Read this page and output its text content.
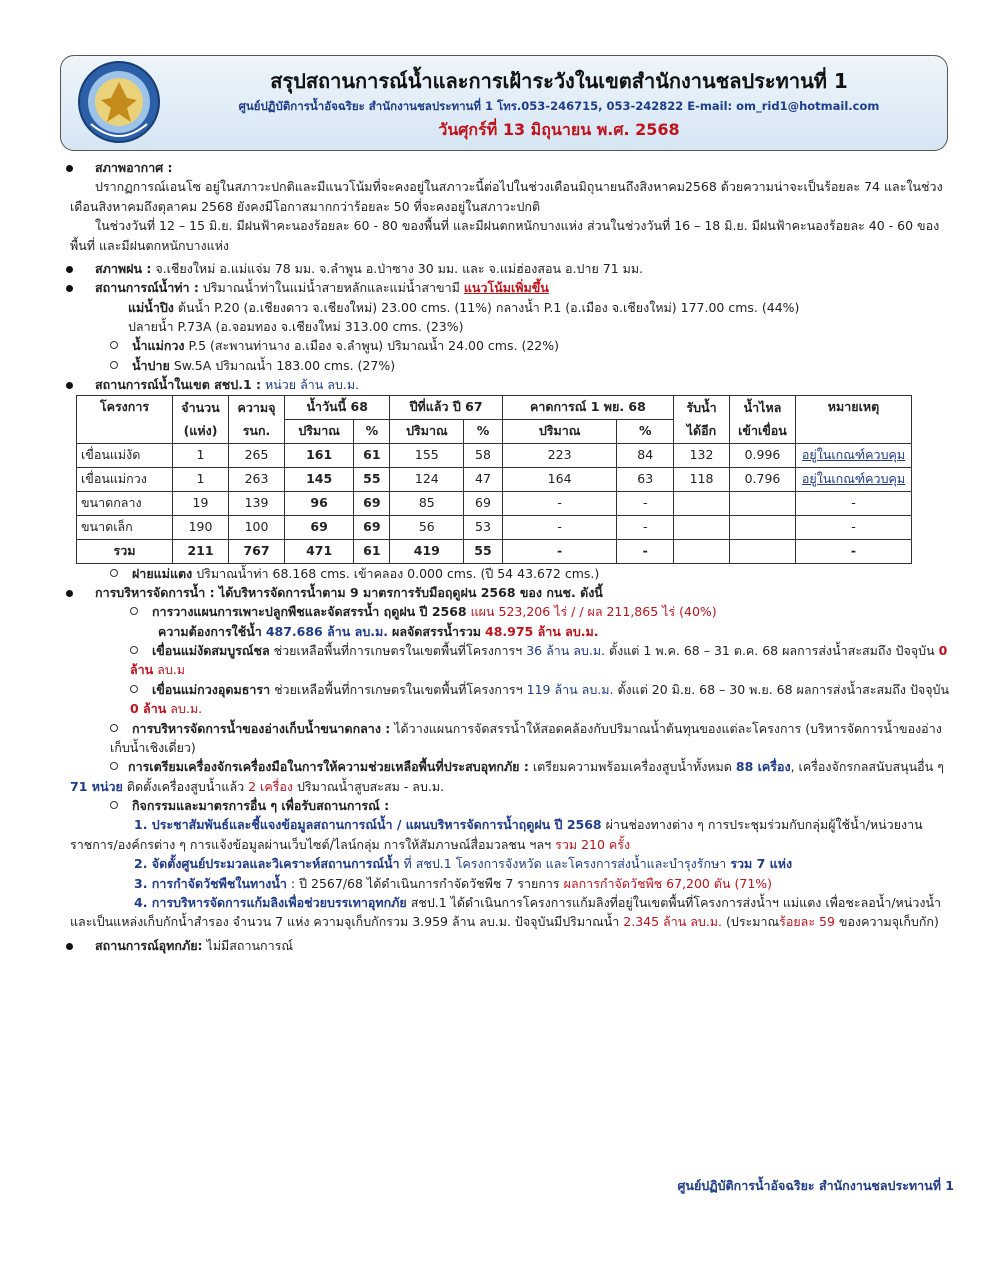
สรุปสถานการณ์น้ำและการเฝ้าระวังในเขตสำนักงานชลประทานที่ 1
ศูนย์ปฏิบัติการน้ำอัจฉริยะ สำนักงานชลประทานที่ 1 โทร.053-246715, 053-242822 E-mail: om_rid1@hotmail.com
วันศุกร์ที่ 13 มิถุนายน พ.ศ. 2568
สภาพอากาศ :
ปรากฏการณ์เอนโซ อยู่ในสภาวะปกติและมีแนวโน้มที่จะคงอยู่ในสภาวะนี้ต่อไปในช่วงเดือนมิถุนายนถึงสิงหาคม2568 ด้วยความน่าจะเป็นร้อยละ 74 และในช่วงเดือนสิงหาคมถึงตุลาคม 2568 ยังคงมีโอกาสมากกว่าร้อยละ 50 ที่จะคงอยู่ในสภาวะปกติ
ในช่วงวันที่ 12 – 15 มิ.ย. มีฝนฟ้าคะนองร้อยละ 60 - 80 ของพื้นที่ และมีฝนตกหนักบางแห่ง ส่วนในช่วงวันที่ 16 – 18 มิ.ย. มีฝนฟ้าคะนองร้อยละ 40 - 60 ของพื้นที่ และมีฝนตกหนักบางแห่ง
สภาพฝน : จ.เชียงใหม่ อ.แม่แจ่ม 78 มม. จ.ลำพูน อ.ป่าซาง 30 มม. และ จ.แม่ฮ่องสอน อ.ปาย 71 มม.
สถานการณ์น้ำท่า : ปริมาณน้ำท่าในแม่น้ำสายหลักและแม่น้ำสาขามี แนวโน้มเพิ่มขึ้น
แม่น้ำปิง ต้นน้ำ P.20 (อ.เชียงดาว จ.เชียงใหม่) 23.00 cms. (11%) กลางน้ำ P.1 (อ.เมือง จ.เชียงใหม่) 177.00 cms. (44%)
ปลายน้ำ P.73A (อ.จอมทอง จ.เชียงใหม่ 313.00 cms. (23%)
น้ำแม่กวง P.5 (สะพานท่านาง อ.เมือง จ.ลำพูน) ปริมาณน้ำ 24.00 cms. (22%)
น้ำปาย Sw.5A ปริมาณน้ำ 183.00 cms. (27%)
สถานการณ์น้ำในเขต สชป.1 : หน่วย ล้าน ลบ.ม.
โครงการ	จำนวน	ความจุ	น้ำวันนี้ 68		ปีที่แล้ว ปี 67		คาดการณ์ 1 พย. 68		รับน้ำ	น้ำไหล	หมายเหตุ
	(แห่ง)	รนก.	ปริมาณ	%	ปริมาณ	%	ปริมาณ	%	ได้อีก	เข้าเขื่อน	
เขื่อนแม่งัด	1	265	161	61	155	58	223	84	132	0.996	อยู่ในเกณฑ์ควบคุม
เขื่อนแม่กวง	1	263	145	55	124	47	164	63	118	0.796	อยู่ในเกณฑ์ควบคุม
ขนาดกลาง	19	139	96	69	85	69	-	-			-
ขนาดเล็ก	190	100	69	69	56	53	-	-			-
รวม	211	767	471	61	419	55	-	-			-
ฝายแม่แตง ปริมาณน้ำท่า 68.168 cms. เข้าคลอง 0.000 cms. (ปี 54 43.672 cms.)
การบริหารจัดการน้ำ : ได้บริหารจัดการน้ำตาม 9 มาตรการรับมือฤดูฝน 2568 ของ กนช. ดังนี้
การวางแผนการเพาะปลูกพืชและจัดสรรน้ำ ฤดูฝน ปี 2568 แผน 523,206 ไร่ / / ผล 211,865 ไร่ (40%)
ความต้องการใช้น้ำ 487.686 ล้าน ลบ.ม. ผลจัดสรรน้ำรวม 48.975 ล้าน ลบ.ม.
เขื่อนแม่งัดสมบูรณ์ชล ช่วยเหลือพื้นที่การเกษตรในเขตพื้นที่โครงการฯ 36 ล้าน ลบ.ม. ตั้งแต่ 1 พ.ค. 68 – 31 ต.ค. 68 ผลการส่งน้ำสะสมถึง ปัจจุบัน 0 ล้าน ลบ.ม
เขื่อนแม่กวงอุดมธารา ช่วยเหลือพื้นที่การเกษตรในเขตพื้นที่โครงการฯ 119 ล้าน ลบ.ม. ตั้งแต่ 20 มิ.ย. 68 – 30 พ.ย. 68 ผลการส่งน้ำสะสมถึง ปัจจุบัน 0 ล้าน ลบ.ม.
การบริหารจัดการน้ำของอ่างเก็บน้ำขนาดกลาง : ได้วางแผนการจัดสรรน้ำให้สอดคล้องกับปริมาณน้ำต้นทุนของแต่ละโครงการ (บริหารจัดการน้ำของอ่างเก็บน้ำเชิงเดี่ยว)
การเตรียมเครื่องจักรเครื่องมือในการให้ความช่วยเหลือพื้นที่ประสบอุทกภัย : เตรียมความพร้อมเครื่องสูบน้ำทั้งหมด 88 เครื่อง, เครื่องจักรกลสนับสนุนอื่น ๆ 71 หน่วย ติดตั้งเครื่องสูบน้ำแล้ว 2 เครื่อง ปริมาณน้ำสูบสะสม - ลบ.ม.
กิจกรรมและมาตรการอื่น ๆ เพื่อรับสถานการณ์ :
1. ประชาสัมพันธ์และชี้แจงข้อมูลสถานการณ์น้ำ / แผนบริหารจัดการน้ำฤดูฝน ปี 2568 ผ่านช่องทางต่าง ๆ การประชุมร่วมกับกลุ่มผู้ใช้น้ำ/หน่วยงานราชการ/องค์กรต่าง ๆ การแจ้งข้อมูลผ่านเว็บไซต์/ไลน์กลุ่ม การให้สัมภาษณ์สื่อมวลชน ฯลฯ รวม 210 ครั้ง
2. จัดตั้งศูนย์ประมวลและวิเคราะห์สถานการณ์น้ำ ที่ สชป.1 โครงการจังหวัด และโครงการส่งน้ำและบำรุงรักษา รวม 7 แห่ง
3. การกำจัดวัชพืชในทางน้ำ : ปี 2567/68 ได้ดำเนินการกำจัดวัชพืช 7 รายการ ผลการกำจัดวัชพืช 67,200 ตัน (71%)
4. การบริหารจัดการแก้มลิงเพื่อช่วยบรรเทาอุทกภัย สชป.1 ได้ดำเนินการโครงการแก้มลิงที่อยู่ในเขตพื้นที่โครงการส่งน้ำฯ แม่แตง เพื่อชะลอน้ำ/หน่วงน้ำ และเป็นแหล่งเก็บกักน้ำสำรอง จำนวน 7 แห่ง ความจุเก็บกักรวม 3.959 ล้าน ลบ.ม. ปัจจุบันมีปริมาณน้ำ 2.345 ล้าน ลบ.ม. (ประมาณร้อยละ 59 ของความจุเก็บกัก)
สถานการณ์อุทกภัย: ไม่มีสถานการณ์
ศูนย์ปฏิบัติการน้ำอัจฉริยะ สำนักงานชลประทานที่ 1
